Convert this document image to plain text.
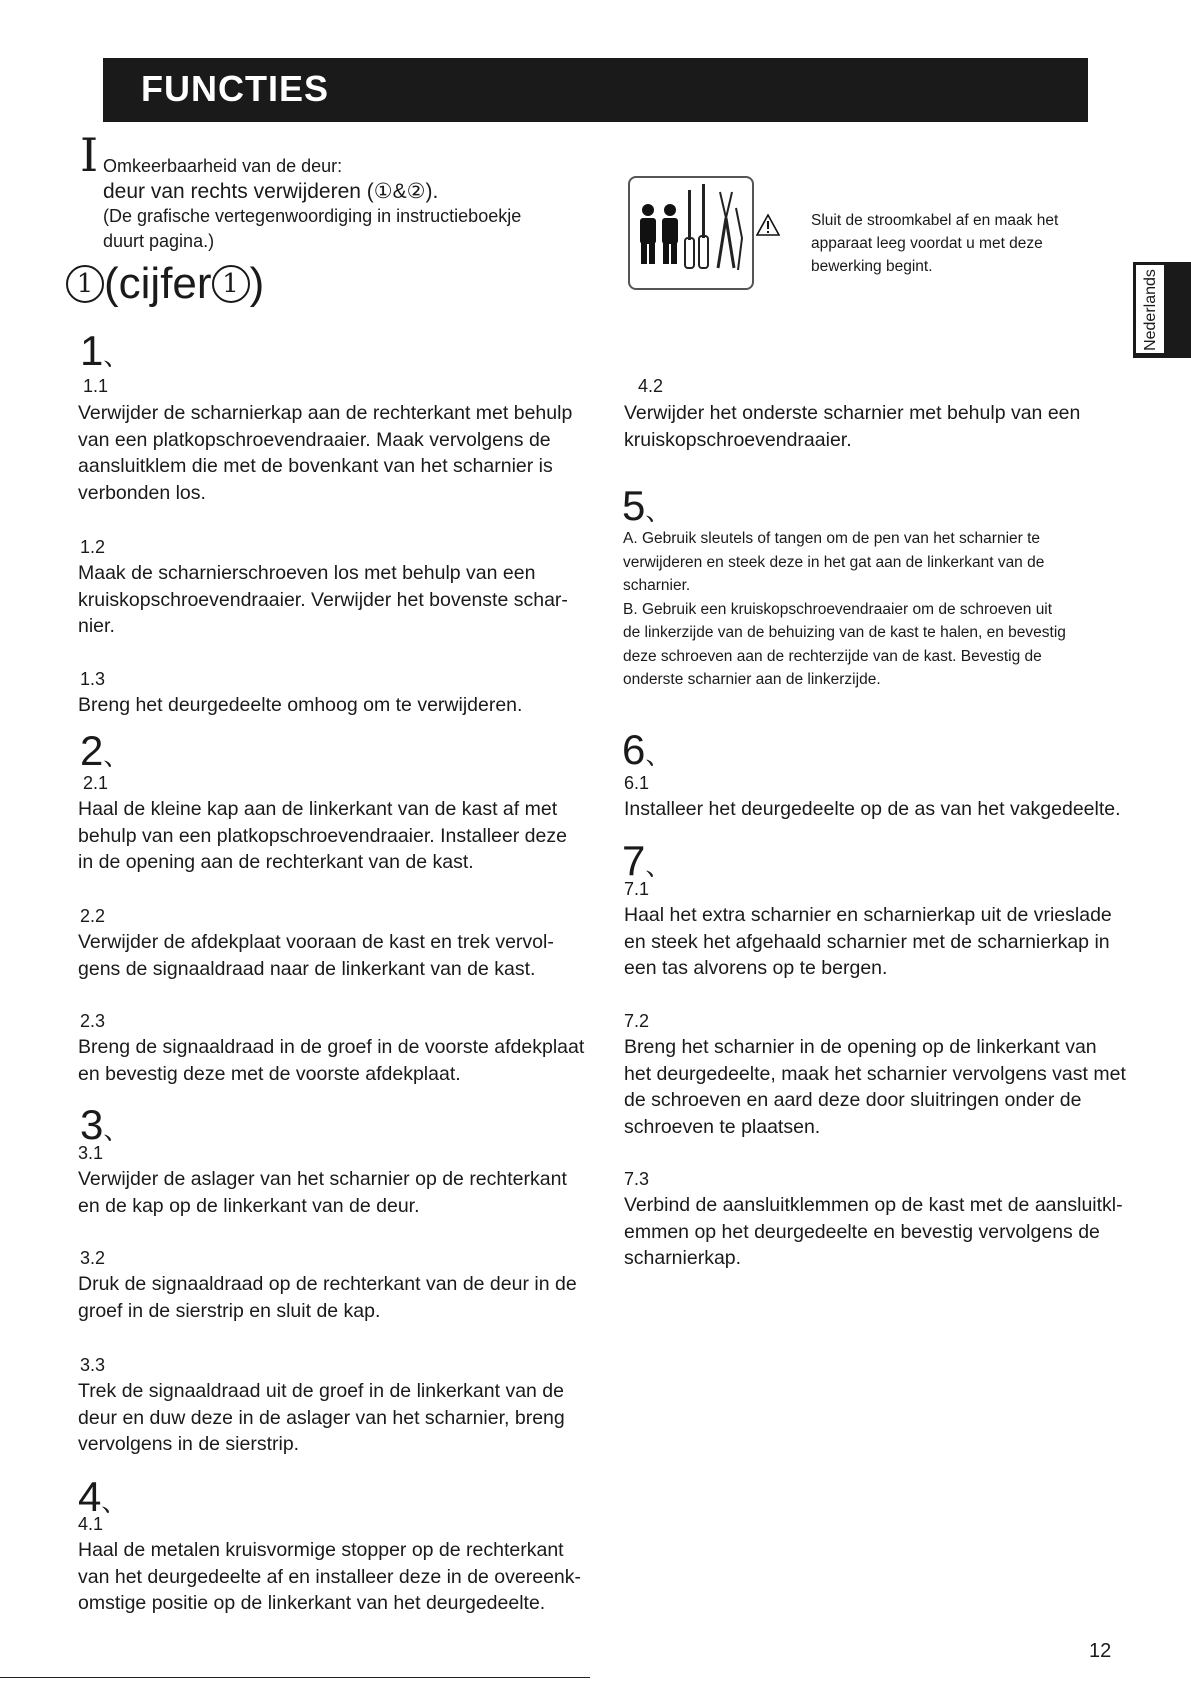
FUNCTIES
Nederlands
I Omkeerbaarheid van de deur:
deur van rechts verwijderen (①&②).
(De grafische vertegenwoordiging in instructieboekje
duurt pagina.)
1 (cijfer 1 )
Sluit de stroomkabel af en maak het
apparaat leeg voordat u met deze
bewerking begint.
1、
1.1
Verwijder de scharnierkap aan de rechterkant met behulp
van een platkopschroevendraaier. Maak vervolgens de
aansluitklem die met de bovenkant van het scharnier is
verbonden los.
1.2
Maak de scharnierschroeven los met behulp van een
kruiskopschroevendraaier. Verwijder het bovenste schar-
nier.
1.3
Breng het deurgedeelte omhoog om te verwijderen.
2、
2.1
Haal de kleine kap aan de linkerkant van de kast af met
behulp van een platkopschroevendraaier. Installeer deze
in de opening aan de rechterkant van de kast.
2.2
Verwijder de afdekplaat vooraan de kast en trek vervol-
gens de signaaldraad naar de linkerkant van de kast.
2.3
Breng de signaaldraad in de groef in de voorste afdekplaat
en bevestig deze met de voorste afdekplaat.
3、
3.1
Verwijder de aslager van het scharnier op de rechterkant
en de kap op de linkerkant van de deur.
3.2
Druk de signaaldraad op de rechterkant van de deur in de
groef in de sierstrip en sluit de kap.
3.3
Trek de signaaldraad uit de groef in de linkerkant van de
deur en duw deze in de aslager van het scharnier, breng
vervolgens in de sierstrip.
4、
4.1
Haal de metalen kruisvormige stopper op de rechterkant
van het deurgedeelte af en installeer deze in de overeenk-
omstige positie op de linkerkant van het deurgedeelte.
4.2
Verwijder het onderste scharnier met behulp van een
kruiskopschroevendraaier.
5、
A. Gebruik sleutels of tangen om de pen van het scharnier te
verwijderen en steek deze in het gat aan de linkerkant van de
scharnier.
B. Gebruik een kruiskopschroevendraaier om de schroeven uit
de linkerzijde van de behuizing van de kast te halen, en bevestig
deze schroeven aan de rechterzijde van de kast. Bevestig de
onderste scharnier aan de linkerzijde.
6、
6.1
Installeer het deurgedeelte op de as van het vakgedeelte.
7、
7.1
Haal het extra scharnier en scharnierkap uit de vrieslade
en steek het afgehaald scharnier met de scharnierkap in
een tas alvorens op te bergen.
7.2
Breng het scharnier in de opening op de linkerkant van
het deurgedeelte, maak het scharnier vervolgens vast met
de schroeven en aard deze door sluitringen onder de
schroeven te plaatsen.
7.3
Verbind de aansluitklemmen op de kast met de aansluitkl-
emmen op het deurgedeelte en bevestig vervolgens de
scharnierkap.
12
